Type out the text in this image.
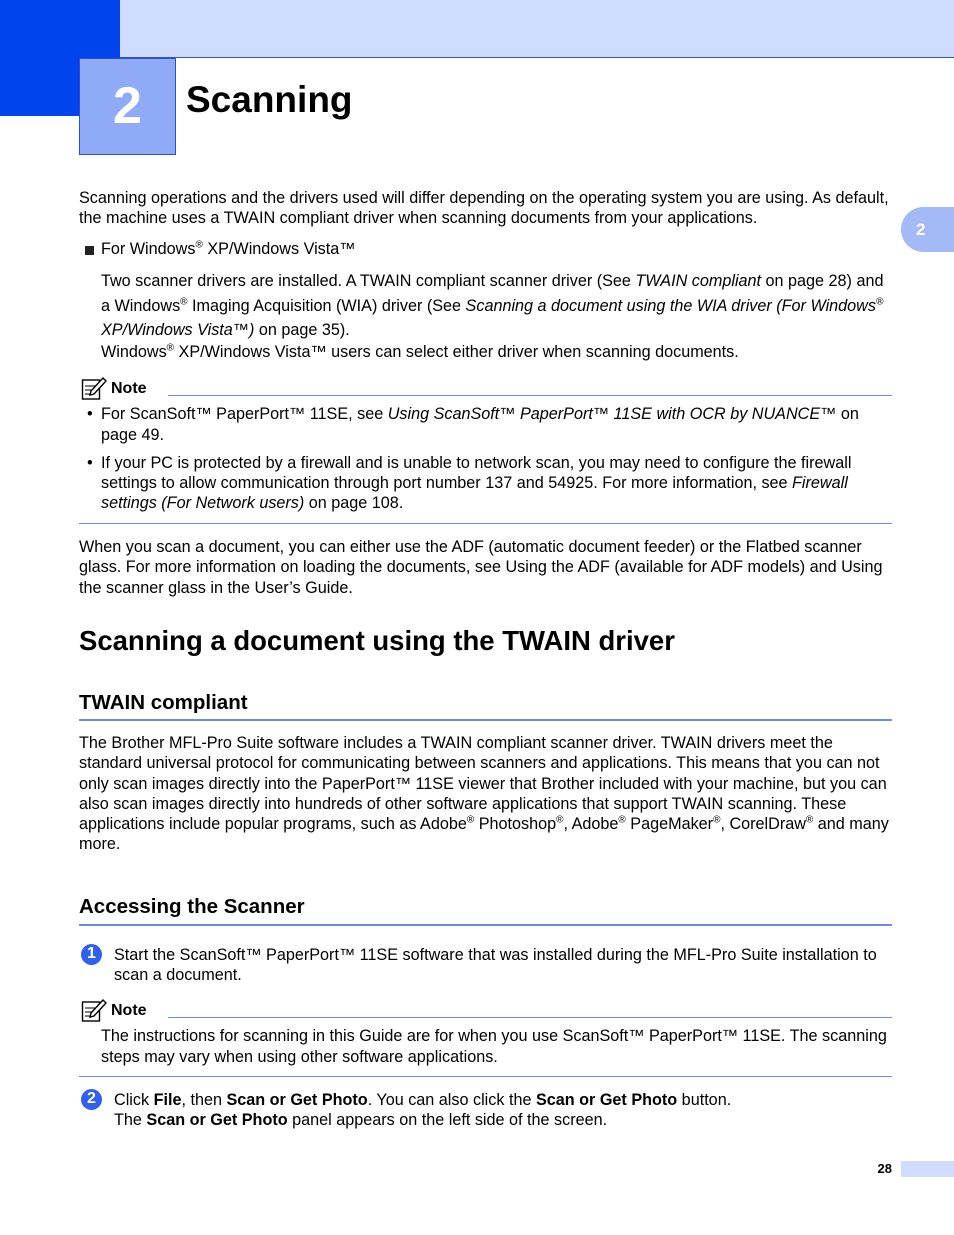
2 Scanning
2
Scanning operations and the drivers used will differ depending on the operating system you are using. As default, the machine uses a TWAIN compliant driver when scanning documents from your applications.
For Windows® XP/Windows Vista™
Two scanner drivers are installed. A TWAIN compliant scanner driver (See TWAIN compliant on page 28) and a Windows® Imaging Acquisition (WIA) driver (See Scanning a document using the WIA driver (For Windows® XP/Windows Vista™) on page 35).
Windows® XP/Windows Vista™ users can select either driver when scanning documents.
Note
• For ScanSoft™ PaperPort™ 11SE, see Using ScanSoft™ PaperPort™ 11SE with OCR by NUANCE™ on page 49.
• If your PC is protected by a firewall and is unable to network scan, you may need to configure the firewall settings to allow communication through port number 137 and 54925. For more information, see Firewall settings (For Network users) on page 108.
When you scan a document, you can either use the ADF (automatic document feeder) or the Flatbed scanner glass. For more information on loading the documents, see Using the ADF (available for ADF models) and Using the scanner glass in the User’s Guide.
Scanning a document using the TWAIN driver
TWAIN compliant
The Brother MFL-Pro Suite software includes a TWAIN compliant scanner driver. TWAIN drivers meet the standard universal protocol for communicating between scanners and applications. This means that you can not only scan images directly into the PaperPort™ 11SE viewer that Brother included with your machine, but you can also scan images directly into hundreds of other software applications that support TWAIN scanning. These applications include popular programs, such as Adobe® Photoshop®, Adobe® PageMaker®, CorelDraw® and many more.
Accessing the Scanner
1 Start the ScanSoft™ PaperPort™ 11SE software that was installed during the MFL-Pro Suite installation to scan a document.
Note
The instructions for scanning in this Guide are for when you use ScanSoft™ PaperPort™ 11SE. The scanning steps may vary when using other software applications.
2 Click File, then Scan or Get Photo. You can also click the Scan or Get Photo button.
The Scan or Get Photo panel appears on the left side of the screen.
28
